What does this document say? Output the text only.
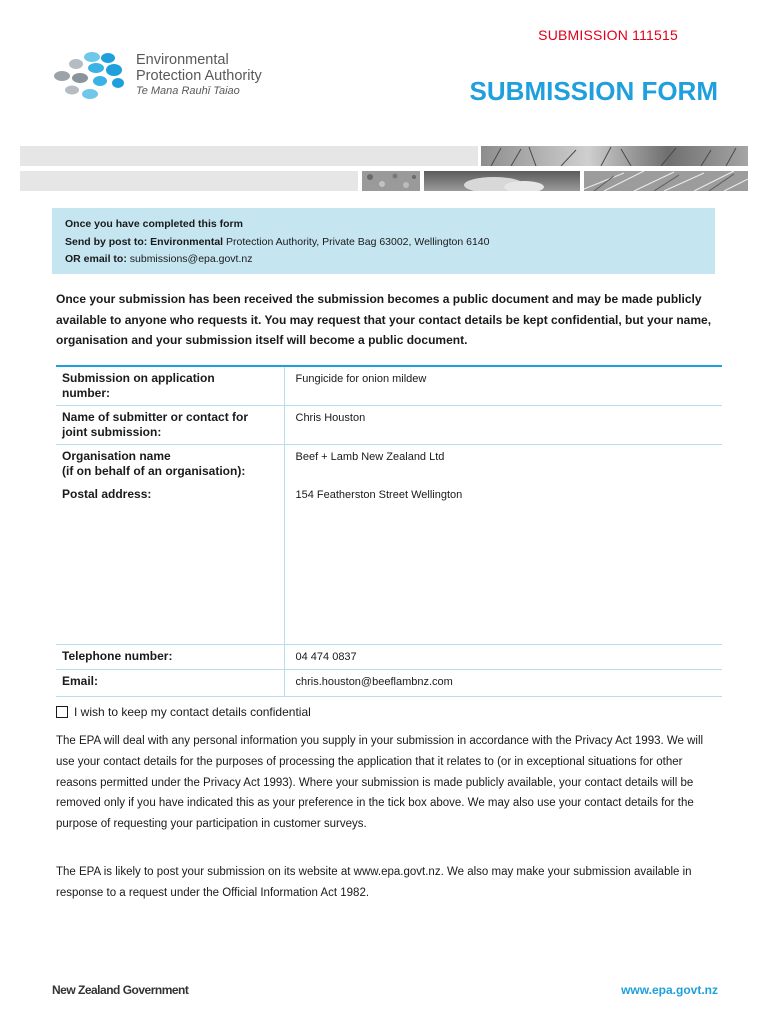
SUBMISSION 111515
Environmental
Protection Authority
Te Mana Rauhī Taiao	SUBMISSION FORM
Once you have completed this form
Send by post to: Environmental Protection Authority, Private Bag 63002, Wellington 6140
OR email to: submissions@epa.govt.nz
Once your submission has been received the submission becomes a public document and may be made publicly available to anyone who requests it. You may request that your contact details be kept confidential, but your name, organisation and your submission itself will become a public document.
Submission on application
number:	Fungicide for onion mildew
Name of submitter or contact for
joint submission:	Chris Houston
Organisation name
(if on behalf of an organisation):	Beef + Lamb New Zealand Ltd
Postal address:	154 Featherston Street Wellington
Telephone number:	04 474 0837
Email:	chris.houston@beeflambnz.com
I wish to keep my contact details confidential
The EPA will deal with any personal information you supply in your submission in accordance with the Privacy Act 1993. We will use your contact details for the purposes of processing the application that it relates to (or in exceptional situations for other reasons permitted under the Privacy Act 1993). Where your submission is made publicly available, your contact details will be removed only if you have indicated this as your preference in the tick box above. We may also use your contact details for the purpose of requesting your participation in customer surveys.
The EPA is likely to post your submission on its website at www.epa.govt.nz. We also may make your submission available in response to a request under the Official Information Act 1982.
New Zealand Government	www.epa.govt.nz
